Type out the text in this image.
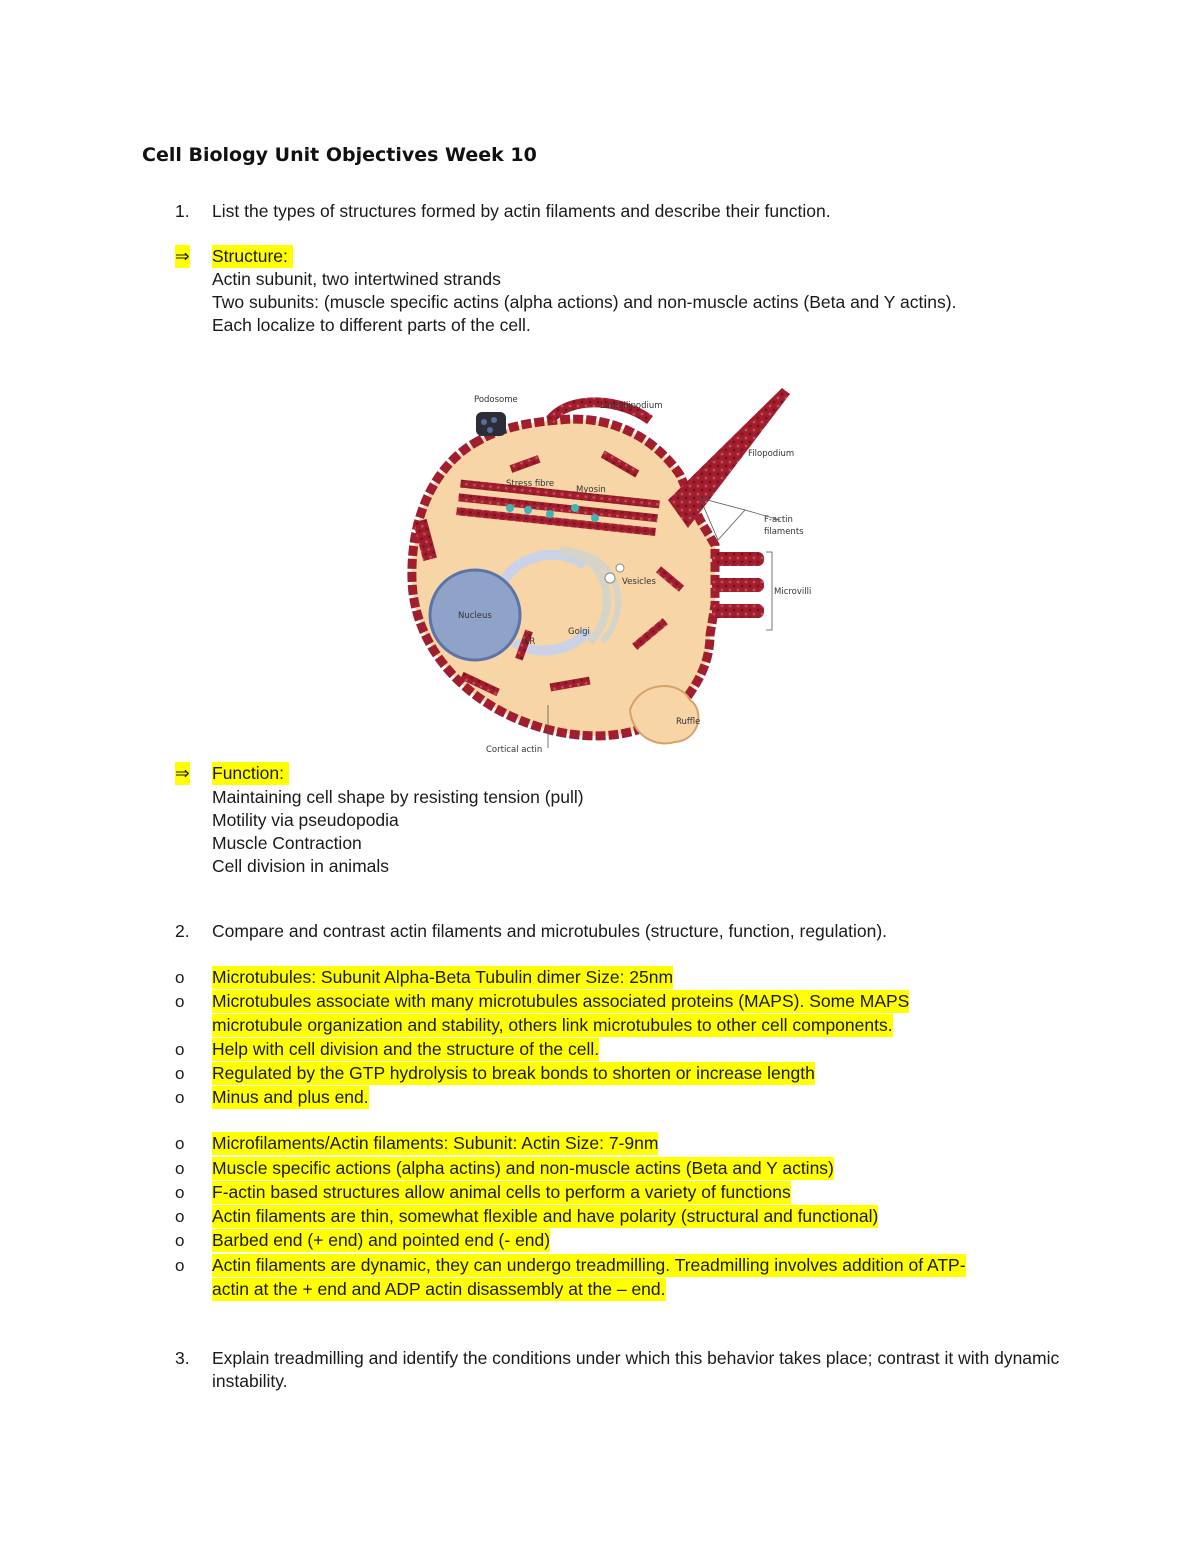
Cell Biology Unit Objectives Week 10
1. List the types of structures formed by actin filaments and describe their function.
⇒ Structure:
Actin subunit, two intertwined strands
Two subunits: (muscle specific actins (alpha actions) and non-muscle actins (Beta and Y actins).
Each localize to different parts of the cell.
Podosome
Lamellipodium
Filopodium
Stress fibre
Myosin
F-actin
filaments
Vesicles
Microvilli
Nucleus
Golgi
ER
Ruffle
Cortical actin
⇒ Function:
Maintaining cell shape by resisting tension (pull)
Motility via pseudopodia
Muscle Contraction
Cell division in animals
2. Compare and contrast actin filaments and microtubules (structure, function, regulation).
o Microtubules: Subunit Alpha-Beta Tubulin dimer Size: 25nm
o Microtubules associate with many microtubules associated proteins (MAPS). Some MAPS
microtubule organization and stability, others link microtubules to other cell components.
o Help with cell division and the structure of the cell.
o Regulated by the GTP hydrolysis to break bonds to shorten or increase length
o Minus and plus end.
o Microfilaments/Actin filaments: Subunit: Actin Size: 7-9nm
o Muscle specific actions (alpha actins) and non-muscle actins (Beta and Y actins)
o F-actin based structures allow animal cells to perform a variety of functions
o Actin filaments are thin, somewhat flexible and have polarity (structural and functional)
o Barbed end (+ end) and pointed end (- end)
o Actin filaments are dynamic, they can undergo treadmilling. Treadmilling involves addition of ATP-
actin at the + end and ADP actin disassembly at the – end.
3. Explain treadmilling and identify the conditions under which this behavior takes place; contrast it with dynamic instability.
